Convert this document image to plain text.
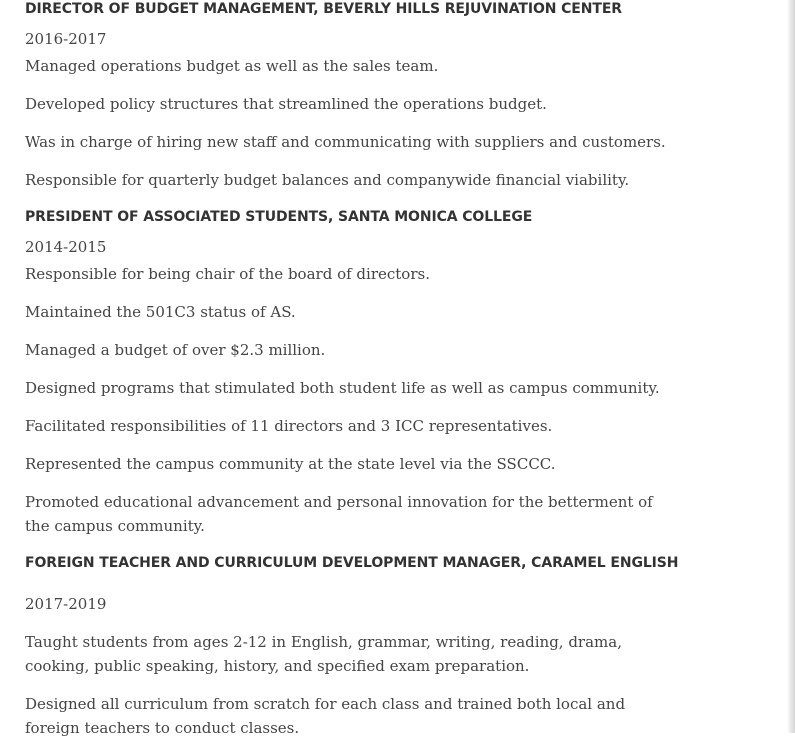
DIRECTOR OF BUDGET MANAGEMENT, BEVERLY HILLS REJUVINATION CENTER

2016-2017

Managed operations budget as well as the sales team.

Developed policy structures that streamlined the operations budget.

Was in charge of hiring new staff and communicating with suppliers and customers.

Responsible for quarterly budget balances and companywide financial viability.

PRESIDENT OF ASSOCIATED STUDENTS, SANTA MONICA COLLEGE

2014-2015

Responsible for being chair of the board of directors.

Maintained the 501C3 status of AS.

Managed a budget of over $2.3 million.

Designed programs that stimulated both student life as well as campus community.

Facilitated responsibilities of 11 directors and 3 ICC representatives.

Represented the campus community at the state level via the SSCCC.

Promoted educational advancement and personal innovation for the betterment of the campus community.

FOREIGN TEACHER AND CURRICULUM DEVELOPMENT MANAGER, CARAMEL ENGLISH

2017-2019

Taught students from ages 2-12 in English, grammar, writing, reading, drama, cooking, public speaking, history, and specified exam preparation.

Designed all curriculum from scratch for each class and trained both local and foreign teachers to conduct classes.
